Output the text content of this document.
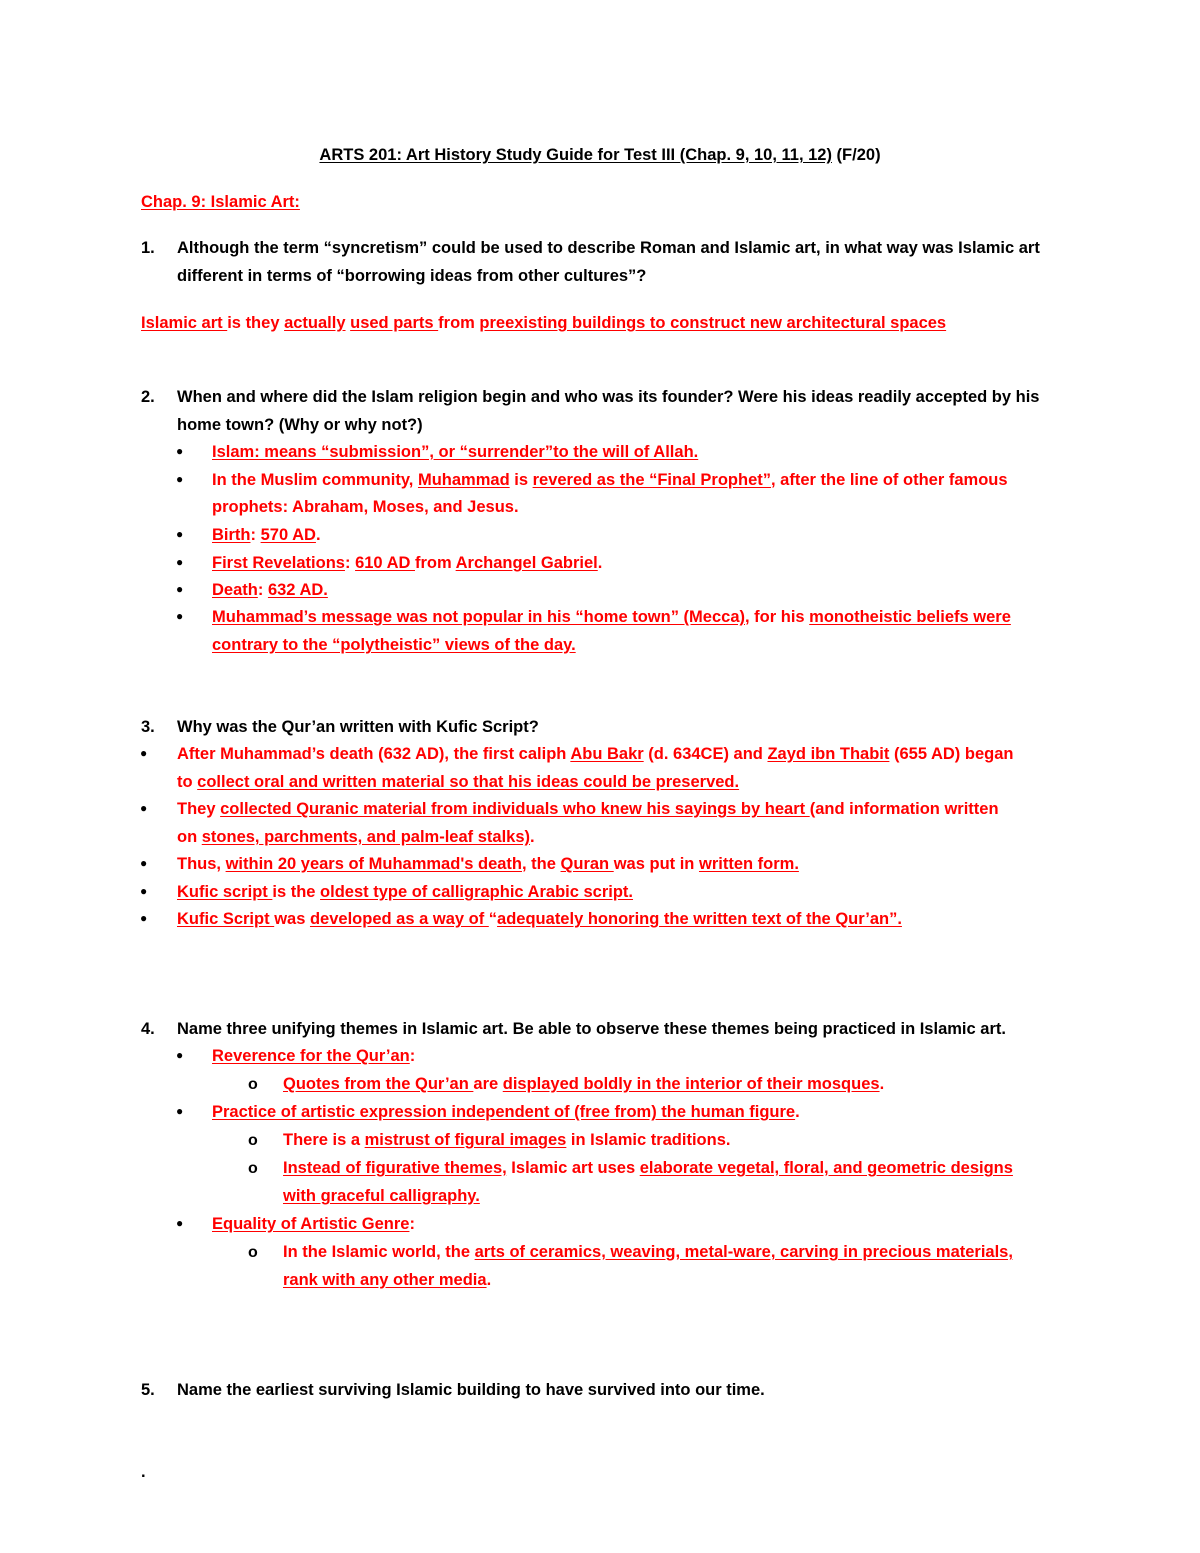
ARTS 201: Art History Study Guide for Test III (Chap. 9, 10, 11, 12) (F/20)
Chap. 9: Islamic Art:
1. Although the term “syncretism” could be used to describe Roman and Islamic art, in what way was Islamic art
different in terms of “borrowing ideas from other cultures”?
Islamic art is they actually used parts from preexisting buildings to construct new architectural spaces
2. When and where did the Islam religion begin and who was its founder? Were his ideas readily accepted by his
home town? (Why or why not?)
● Islam: means “submission”, or “surrender”to the will of Allah.
● In the Muslim community, Muhammad is revered as the “Final Prophet”, after the line of other famous
prophets: Abraham, Moses, and Jesus.
● Birth: 570 AD.
● First Revelations: 610 AD from Archangel Gabriel.
● Death: 632 AD.
● Muhammad’s message was not popular in his “home town” (Mecca), for his monotheistic beliefs were
contrary to the “polytheistic” views of the day.
3. Why was the Qur’an written with Kufic Script?
● After Muhammad’s death (632 AD), the first caliph Abu Bakr (d. 634CE) and Zayd ibn Thabit (655 AD) began
to collect oral and written material so that his ideas could be preserved.
● They collected Quranic material from individuals who knew his sayings by heart (and information written
on stones, parchments, and palm-leaf stalks).
● Thus, within 20 years of Muhammad's death, the Quran was put in written form.
● Kufic script is the oldest type of calligraphic Arabic script.
● Kufic Script was developed as a way of “adequately honoring the written text of the Qur’an”.
4. Name three unifying themes in Islamic art. Be able to observe these themes being practiced in Islamic art.
● Reverence for the Qur’an:
o Quotes from the Qur’an are displayed boldly in the interior of their mosques.
● Practice of artistic expression independent of (free from) the human figure.
o There is a mistrust of figural images in Islamic traditions.
o Instead of figurative themes, Islamic art uses elaborate vegetal, floral, and geometric designs
with graceful calligraphy.
● Equality of Artistic Genre:
o In the Islamic world, the arts of ceramics, weaving, metal-ware, carving in precious materials,
rank with any other media.
5. Name the earliest surviving Islamic building to have survived into our time.
.
